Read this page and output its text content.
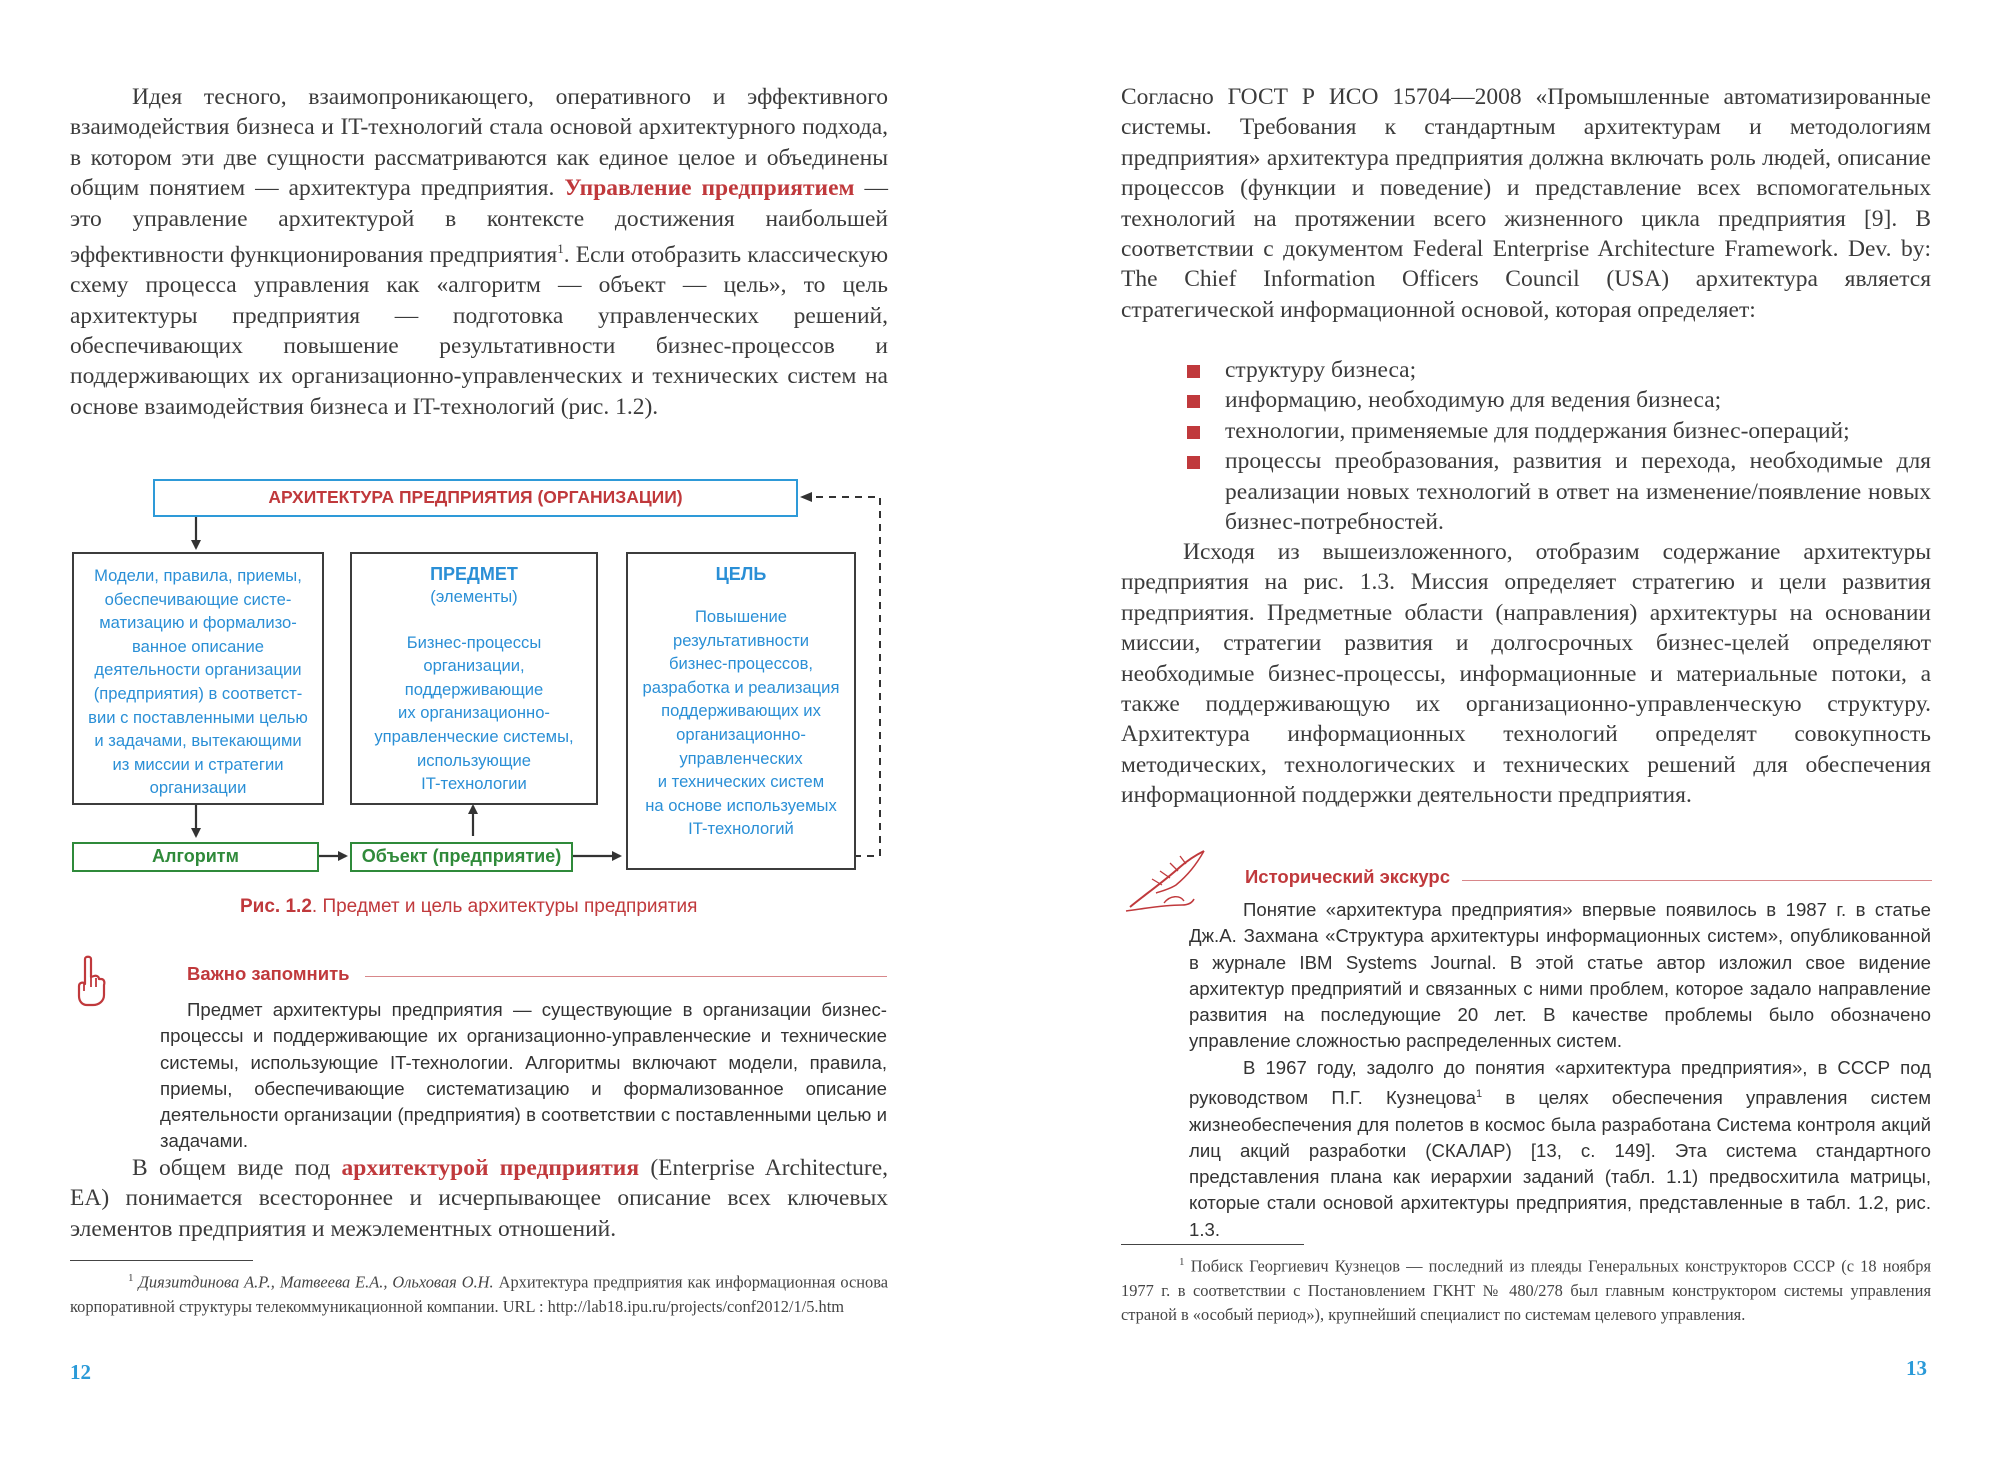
Идея тесного, взаимопроникающего, оперативного и эффективного взаимодействия бизнеса и IT-технологий стала основой архитектурного подхода, в котором эти две сущности рассматриваются как единое целое и объединены общим понятием — архитектура предприятия. Управление предприятием — это управление архитектурой в контексте достижения наибольшей эффективности функционирования предприятия$^1$. Если отобразить классическую схему процесса управления как «алгоритм — объект — цель», то цель архитектуры предприятия — подготовка управленческих решений, обеспечивающих повышение результативности бизнес-процессов и поддерживающих их организационно-управленческих и технических систем на основе взаимодействия бизнеса и IT-технологий (рис. 1.2).

АРХИТЕКТУРА ПРЕДПРИЯТИЯ (ОРГАНИЗАЦИИ)
Модели, правила, приемы,
обеспечивающие систе-
матизацию и формализо-
ванное описание
деятельности организации
(предприятия) в соответст-
вии с поставленными целью
и задачами, вытекающими
из миссии и стратегии
организации
ПРЕДМЕТ
(элементы)
Бизнес-процессы
организации,
поддерживающие
их организационно-
управленческие системы,
использующие
IT-технологии
ЦЕЛЬ
Повышение
результативности
бизнес-процессов,
разработка и реализация
поддерживающих их
организационно-
управленческих
и технических систем
на основе используемых
IT-технологий
Алгоритм	Объект (предприятие)
Рис. 1.2. Предмет и цель архитектуры предприятия
Важно запомнить

Предмет архитектуры предприятия — существующие в организации бизнес-процессы и поддерживающие их организационно-управленческие и технические системы, использующие IT-технологии. Алгоритмы включают модели, правила, приемы, обеспечивающие систематизацию и формализованное описание деятельности организации (предприятия) в соответствии с поставленными целью и задачами.

В общем виде под архитектурой предприятия (Enterprise Architecture, EA) понимается всестороннее и исчерпывающее описание всех ключевых элементов предприятия и межэлементных отношений.

$^1$ Диязитдинова А.Р., Матвеева Е.А., Ольховая О.Н. Архитектура предприятия как информационная основа корпоративной структуры телекоммуникационной компании. URL : http://lab18.ipu.ru/projects/conf2012/1/5.htm

12

Согласно ГОСТ Р ИСО 15704—2008 «Промышленные автоматизированные системы. Требования к стандартным архитектурам и методологиям предприятия» архитектура предприятия должна включать роль людей, описание процессов (функции и поведение) и представление всех вспомогательных технологий на протяжении всего жизненного цикла предприятия [9]. В соответствии с документом Federal Enterprise Architecture Framework. Dev. by: The Chief Information Officers Council (USA) архитектура является стратегической информационной основой, которая определяет:

структуру бизнеса;
информацию, необходимую для ведения бизнеса;
технологии, применяемые для поддержания бизнес-операций;
процессы преобразования, развития и перехода, необходимые для реализации новых технологий в ответ на изменение/появление новых бизнес-потребностей.

Исходя из вышеизложенного, отобразим содержание архитектуры предприятия на рис. 1.3. Миссия определяет стратегию и цели развития предприятия. Предметные области (направления) архитектуры на основании миссии, стратегии развития и долгосрочных бизнес-целей определяют необходимые бизнес-процессы, информационные и материальные потоки, а также поддерживающую их организационно-управленческую структуру. Архитектура информационных технологий определят совокупность методических, технологических и технических решений для обеспечения информационной поддержки деятельности предприятия.

Исторический экскурс

Понятие «архитектура предприятия» впервые появилось в 1987 г. в статье Дж.А. Захмана «Структура архитектуры информационных систем», опубликованной в журнале IBM Systems Journal. В этой статье автор изложил свое видение архитектур предприятий и связанных с ними проблем, которое задало направление развития на последующие 20 лет. В качестве проблемы было обозначено управление сложностью распределенных систем.

В 1967 году, задолго до понятия «архитектура предприятия», в СССР под руководством П.Г. Кузнецова$^1$ в целях обеспечения управления систем жизнеобеспечения для полетов в космос была разработана Система контроля акций лиц акций разработки (СКАЛАР) [13, с. 149]. Эта система стандартного представления плана как иерархии заданий (табл. 1.1) предвосхитила матрицы, которые стали основой архитектуры предприятия, представленные в табл. 1.2, рис. 1.3.

$^1$ Побиск Георгиевич Кузнецов — последний из плеяды Генеральных конструкторов СССР (с 18 ноября 1977 г. в соответствии с Постановлением ГКНТ № 480/278 был главным конструктором системы управления страной в «особый период»), крупнейший специалист по системам целевого управления.

13
